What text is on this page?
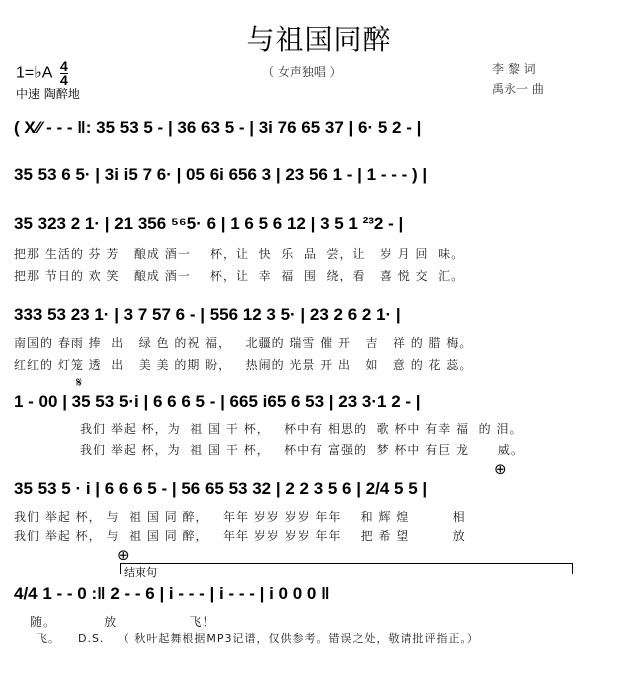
与祖国同醉
1=♭A $\frac{4}{4}$
中速 陶醉地
（ 女声独唱 ）	李 黎 词
禹永一 曲
( X⁄⁄ - - - ‖: 35 53 5 - | 36 63 5 - | 3i 76 65 37 | 6· 5 2 - |
35 53 6 5· | 3i i5 7 6· | 05 6i 656 3 | 23 56 1 - | 1 - - - ) |
35 323 2 1· | 21 356 ⁵⁶5· 6 | 1 6 5 6 12 | 3 5 1 ²³2 - |
把那 生活的 芬 芳   酿成 酒一    杯，让  快  乐  品  尝，让   岁 月 回  味。
把那 节日的 欢 笑   酿成 酒一    杯，让  幸  福  围  绕，看   喜 悦 交  汇。
333 53 23 1· | 3 7 57 6 - | 556 12 3 5· | 23 2 6 2 1· |
南国的 春雨 捧  出   绿 色 的祝 福，   北疆的 瑞雪 催 开   吉   祥 的 腊 梅。
红红的 灯笼 透  出   美 美 的期 盼，   热闹的 光景 开 出   如   意 的 花 蕊。
𝄋
1 - 00 | 35 53 5·i | 6 6 6 5 - | 665 i65 6 53 | 23 3·1 2 - |
我们 举起 杯，为  祖 国 干 杯，   杯中有 相思的  歌 杯中 有幸 福  的 泪。
我们 举起 杯，为  祖 国 干 杯，   杯中有 富强的  梦 杯中 有巨 龙      威。
⊕
35 53 5 · i | 6 6 6 5 - | 56 65 53 32 | 2 2 3 5 6 | 2/4 5 5 |
我们 举起 杯， 与  祖 国 同 醉，   年年 岁岁 岁岁 年年    和 辉 煌         相
我们 举起 杯， 与  祖 国 同 醉，   年年 岁岁 岁岁 年年    把 希 望         放
⊕
结束句
4/4 1 - - 0 :‖ 2 - - 6 | i - - - | i - - - | i 0 0 0 ‖
随。          放               飞！
飞。    D.S.   （ 秋叶起舞根据MP3记谱，仅供参考。错误之处，敬请批评指正。）
